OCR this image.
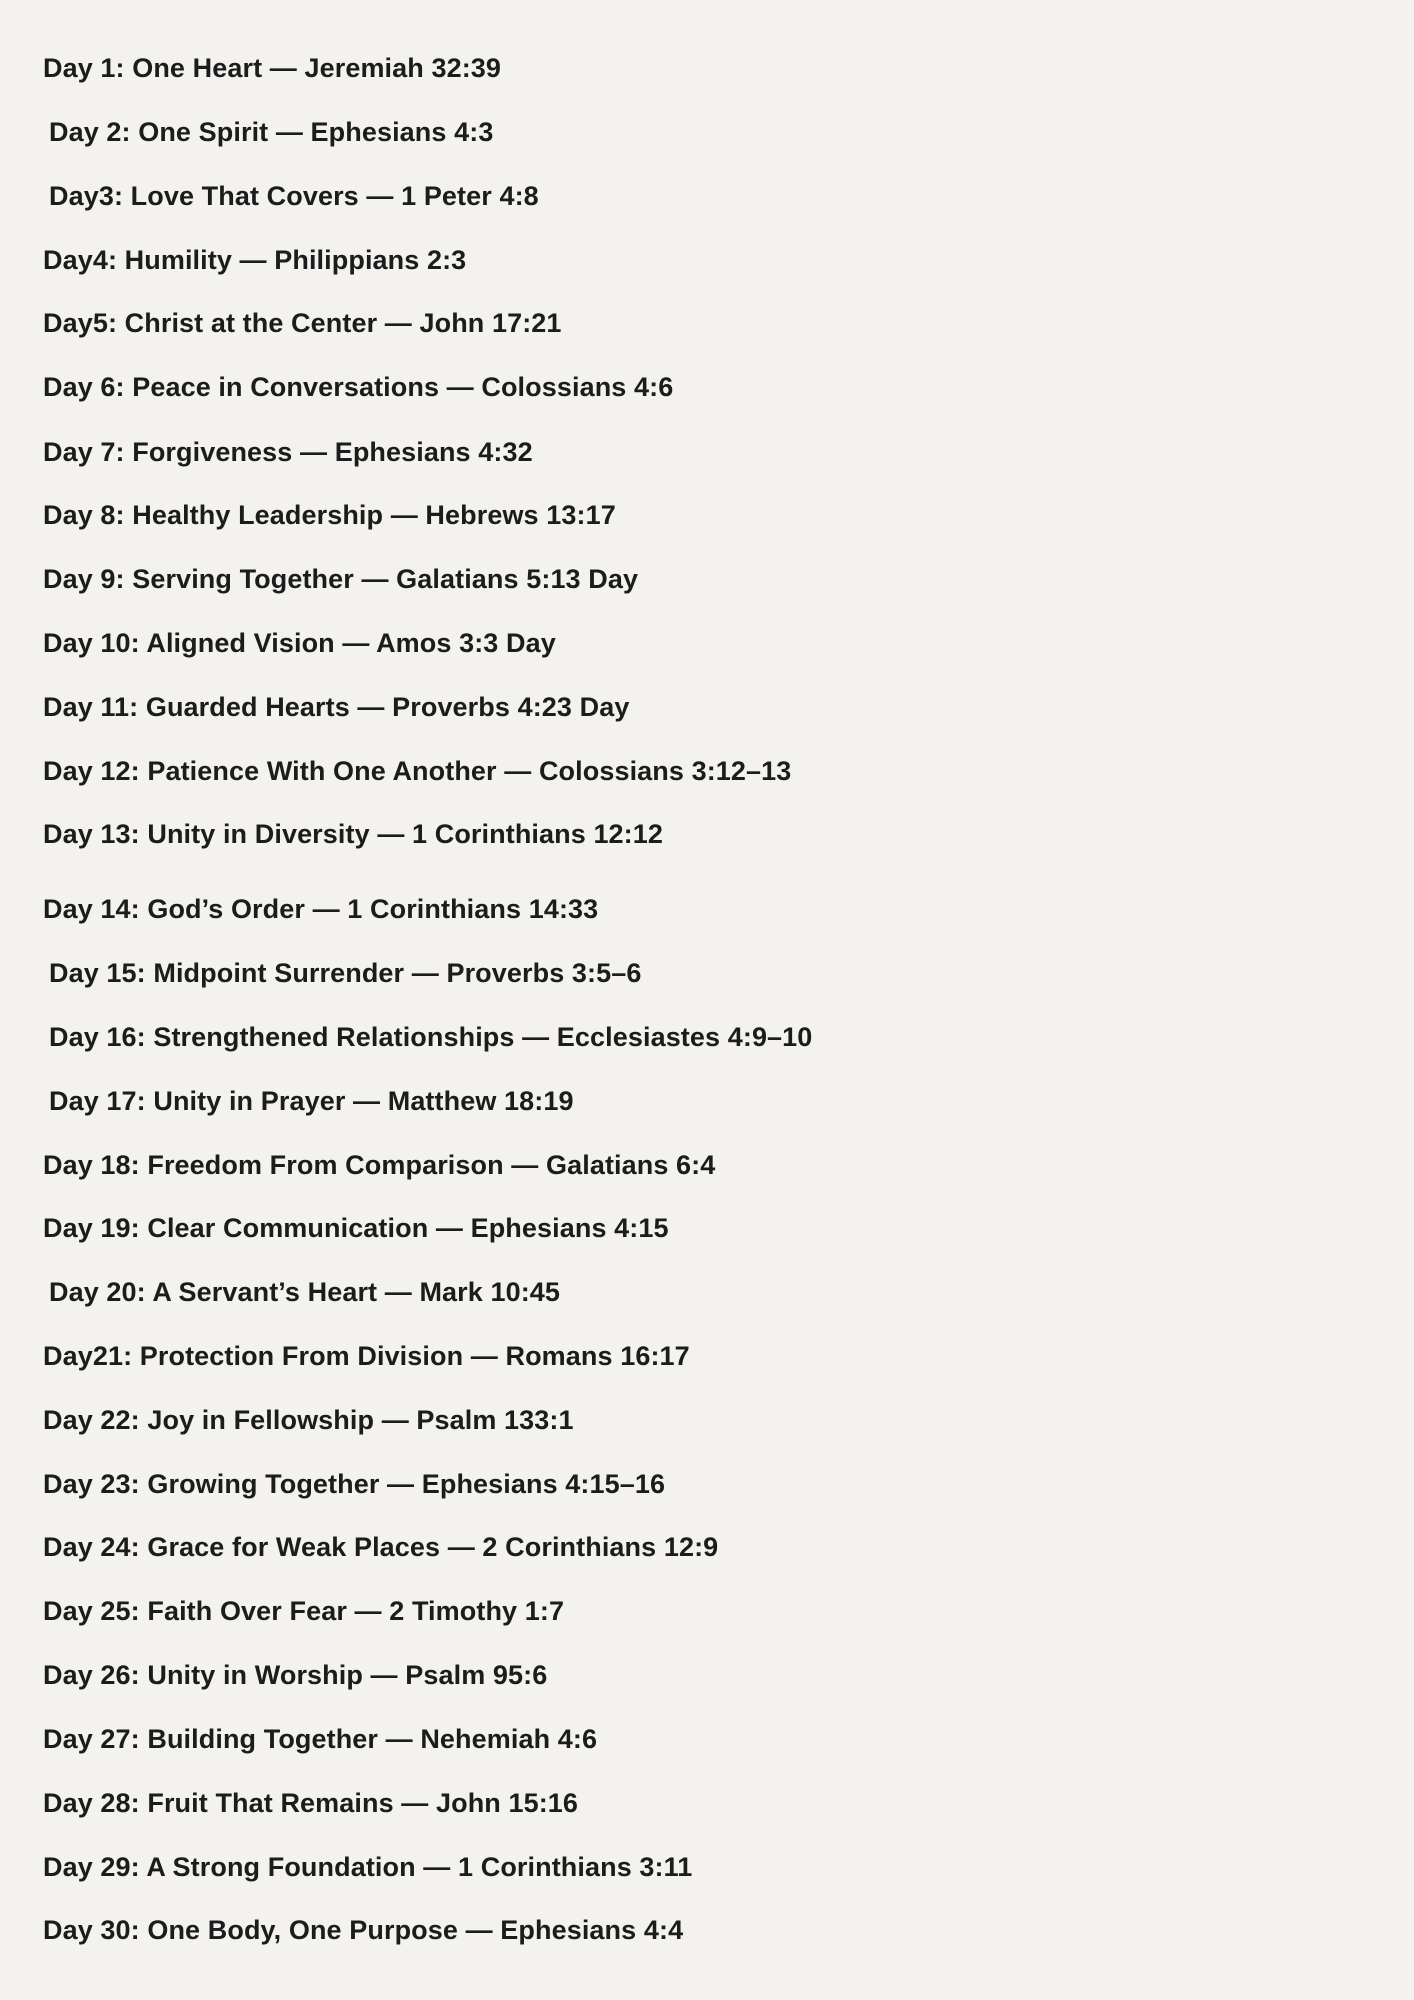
Day 1: One Heart — Jeremiah 32:39

Day 2: One Spirit — Ephesians 4:3

Day3: Love That Covers — 1 Peter 4:8

Day4: Humility — Philippians 2:3

Day5: Christ at the Center — John 17:21

Day 6: Peace in Conversations — Colossians 4:6

Day 7: Forgiveness — Ephesians 4:32

Day 8: Healthy Leadership — Hebrews 13:17

Day 9: Serving Together — Galatians 5:13 Day

Day 10: Aligned Vision — Amos 3:3 Day

Day 11: Guarded Hearts — Proverbs 4:23 Day

Day 12: Patience With One Another — Colossians 3:12–13

Day 13: Unity in Diversity — 1 Corinthians 12:12

Day 14: God’s Order — 1 Corinthians 14:33

Day 15: Midpoint Surrender — Proverbs 3:5–6

Day 16: Strengthened Relationships — Ecclesiastes 4:9–10

Day 17: Unity in Prayer — Matthew 18:19

Day 18: Freedom From Comparison — Galatians 6:4

Day 19: Clear Communication — Ephesians 4:15

Day 20: A Servant’s Heart — Mark 10:45

Day21: Protection From Division — Romans 16:17

Day 22: Joy in Fellowship — Psalm 133:1

Day 23: Growing Together — Ephesians 4:15–16

Day 24: Grace for Weak Places — 2 Corinthians 12:9

Day 25: Faith Over Fear — 2 Timothy 1:7

Day 26: Unity in Worship — Psalm 95:6

Day 27: Building Together — Nehemiah 4:6

Day 28: Fruit That Remains — John 15:16

Day 29: A Strong Foundation — 1 Corinthians 3:11

Day 30: One Body, One Purpose — Ephesians 4:4
